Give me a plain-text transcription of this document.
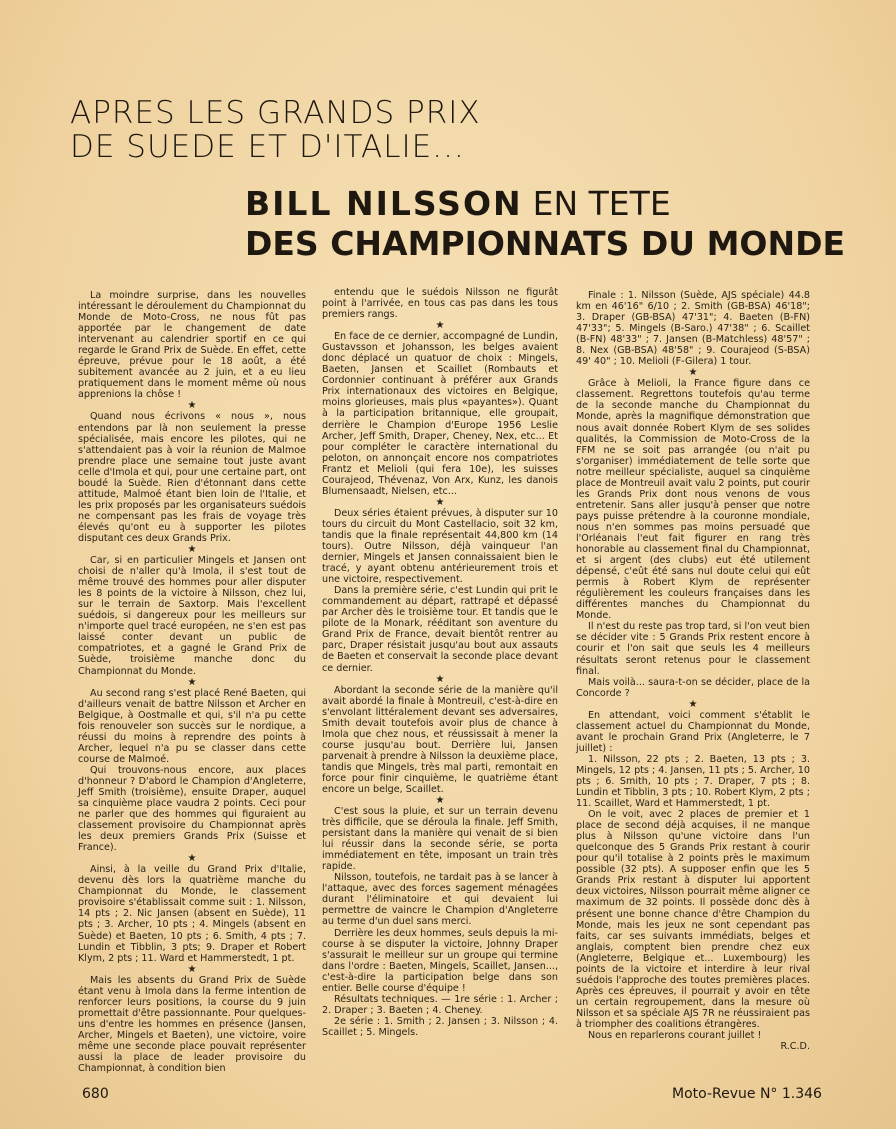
APRES LES GRANDS PRIX
DE SUEDE ET D'ITALIE...
BILL NILSSON EN TETE
DES CHAMPIONNATS DU MONDE

La moindre surprise, dans les nouvelles intéressant le déroulement du Championnat du Monde de Moto-Cross, ne nous fût pas apportée par le changement de date intervenant au calendrier sportif en ce qui regarde le Grand Prix de Suède. En effet, cette épreuve, prévue pour le 18 août, a été subitement avancée au 2 juin, et a eu lieu pratiquement dans le moment même où nous apprenions la chôse !

★

Quand nous écrivons « nous », nous entendons par là non seulement la presse spécialisée, mais encore les pilotes, qui ne s'attendaient pas à voir la réunion de Malmoe prendre place une semaine tout juste avant celle d'Imola et qui, pour une certaine part, ont boudé la Suède. Rien d'étonnant dans cette attitude, Malmoé étant bien loin de l'Italie, et les prix proposés par les organisateurs suédois ne compensant pas les frais de voyage très élevés qu'ont eu à supporter les pilotes disputant ces deux Grands Prix.

★

Car, si en particulier Mingels et Jansen ont choisi de n'aller qu'à Imola, il s'est tout de même trouvé des hommes pour aller disputer les 8 points de la victoire à Nilsson, chez lui, sur le terrain de Saxtorp. Mais l'excellent suédois, si dangereux pour les meilleurs sur n'importe quel tracé européen, ne s'en est pas laissé conter devant un public de compatriotes, et a gagné le Grand Prix de Suède, troisième manche donc du Championnat du Monde.

★

Au second rang s'est placé René Baeten, qui d'ailleurs venait de battre Nilsson et Archer en Belgique, à Oostmalle et qui, s'il n'a pu cette fois renouveler son succès sur le nordique, a réussi du moins à reprendre des points à Archer, lequel n'a pu se classer dans cette course de Malmoé.

Qui trouvons-nous encore, aux places d'honneur ? D'abord le Champion d'Angleterre, Jeff Smith (troisième), ensuite Draper, auquel sa cinquième place vaudra 2 points. Ceci pour ne parler que des hommes qui figuraient au classement provisoire du Championnat après les deux premiers Grands Prix (Suisse et France).

★

Ainsi, à la veille du Grand Prix d'Italie, devenu dès lors la quatrième manche du Championnat du Monde, le classement provisoire s'établissait comme suit : 1. Nilsson, 14 pts ; 2. Nic Jansen (absent en Suède), 11 pts ; 3. Archer, 10 pts ; 4. Mingels (absent en Suède) et Baeten, 10 pts ; 6. Smith, 4 pts ; 7. Lundin et Tibblin, 3 pts; 9. Draper et Robert Klym, 2 pts ; 11. Ward et Hammerstedt, 1 pt.

★

Mais les absents du Grand Prix de Suède étant venu à Imola dans la ferme intention de renforcer leurs positions, la course du 9 juin promettait d'être passionnante. Pour quelques-uns d'entre les hommes en présence (Jansen, Archer, Mingels et Baeten), une victoire, voire même une seconde place pouvait représenter aussi la place de leader provisoire du Championnat, à condition bien

entendu que le suédois Nilsson ne figurât point à l'arrivée, en tous cas pas dans les tous premiers rangs.

★

En face de ce dernier, accompagné de Lundin, Gustavsson et Johansson, les belges avaient donc déplacé un quatuor de choix : Mingels, Baeten, Jansen et Scaillet (Rombauts et Cordonnier continuant à préférer aux Grands Prix internationaux des victoires en Belgique, moins glorieuses, mais plus «payantes»). Quant à la participation britannique, elle groupait, derrière le Champion d'Europe 1956 Leslie Archer, Jeff Smith, Draper, Cheney, Nex, etc... Et pour compléter le caractère international du peloton, on annonçait encore nos compatriotes Frantz et Melioli (qui fera 10e), les suisses Courajeod, Thévenaz, Von Arx, Kunz, les danois Blumensaadt, Nielsen, etc...

★

Deux séries étaient prévues, à disputer sur 10 tours du circuit du Mont Castellacio, soit 32 km, tandis que la finale représentait 44,800 km (14 tours). Outre Nilsson, déjà vainqueur l'an dernier, Mingels et Jansen connaissaient bien le tracé, y ayant obtenu antérieurement trois et une victoire, respectivement.

Dans la première série, c'est Lundin qui prit le commandement au départ, rattrapé et dépassé par Archer dès le troisième tour. Et tandis que le pilote de la Monark, rééditant son aventure du Grand Prix de France, devait bientôt rentrer au parc, Draper résistait jusqu'au bout aux assauts de Baeten et conservait la seconde place devant ce dernier.

★

Abordant la seconde série de la manière qu'il avait abordé la finale à Montreuil, c'est-à-dire en s'envolant littéralement devant ses adversaires, Smith devait toutefois avoir plus de chance à Imola que chez nous, et réussissait à mener la course jusqu'au bout. Derrière lui, Jansen parvenait à prendre à Nilsson la deuxième place, tandis que Mingels, très mal parti, remontait en force pour finir cinquième, le quatrième étant encore un belge, Scaillet.

★

C'est sous la pluie, et sur un terrain devenu très difficile, que se déroula la finale. Jeff Smith, persistant dans la manière qui venait de si bien lui réussir dans la seconde série, se porta immédiatement en tête, imposant un train très rapide.

Nilsson, toutefois, ne tardait pas à se lancer à l'attaque, avec des forces sagement ménagées durant l'éliminatoire et qui devaient lui permettre de vaincre le Champion d'Angleterre au terme d'un duel sans merci.

Derrière les deux hommes, seuls depuis la mi-course à se disputer la victoire, Johnny Draper s'assurait le meilleur sur un groupe qui termine dans l'ordre : Baeten, Mingels, Scaillet, Jansen..., c'est-à-dire la participation belge dans son entier. Belle course d'équipe !

Résultats techniques. — 1re série : 1. Archer ; 2. Draper ; 3. Baeten ; 4. Cheney.

2e série : 1. Smith ; 2. Jansen ; 3. Nilsson ; 4. Scaillet ; 5. Mingels.

Finale : 1. Nilsson (Suède, AJS spéciale) 44.8 km en 46'16" 6/10 ; 2. Smith (GB-BSA) 46'18"; 3. Draper (GB-BSA) 47'31"; 4. Baeten (B-FN) 47'33"; 5. Mingels (B-Saro.) 47'38" ; 6. Scaillet (B-FN) 48'33" ; 7. Jansen (B-Matchless) 48'57" ; 8. Nex (GB-BSA) 48'58" ; 9. Courajeod (S-BSA) 49' 40" ; 10. Melioli (F-Gilera) 1 tour.

★

Grâce à Melioli, la France figure dans ce classement. Regrettons toutefois qu'au terme de la seconde manche du Championnat du Monde, après la magnifique démonstration que nous avait donnée Robert Klym de ses solides qualités, la Commission de Moto-Cross de la FFM ne se soit pas arrangée (ou n'ait pu s'organiser) immédiatement de telle sorte que notre meilleur spécialiste, auquel sa cinquième place de Montreuil avait valu 2 points, put courir les Grands Prix dont nous venons de vous entretenir. Sans aller jusqu'à penser que notre pays puisse prétendre à la couronne mondiale, nous n'en sommes pas moins persuadé que l'Orléanais l'eut fait figurer en rang très honorable au classement final du Championnat, et si argent (des clubs) eut été utilement dépensé, c'eût été sans nul doute celui qui eût permis à Robert Klym de représenter régulièrement les couleurs françaises dans les différentes manches du Championnat du Monde.

Il n'est du reste pas trop tard, si l'on veut bien se décider vite : 5 Grands Prix restent encore à courir et l'on sait que seuls les 4 meilleurs résultats seront retenus pour le classement final.

Mais voilà... saura-t-on se décider, place de la Concorde ?

★

En attendant, voici comment s'établit le classement actuel du Championnat du Monde, avant le prochain Grand Prix (Angleterre, le 7 juillet) :

1. Nilsson, 22 pts ; 2. Baeten, 13 pts ; 3. Mingels, 12 pts ; 4. Jansen, 11 pts ; 5. Archer, 10 pts ; 6. Smith, 10 pts ; 7. Draper, 7 pts ; 8. Lundin et Tibblin, 3 pts ; 10. Robert Klym, 2 pts ; 11. Scaillet, Ward et Hammerstedt, 1 pt.

On le voit, avec 2 places de premier et 1 place de second déjà acquises, il ne manque plus à Nilsson qu'une victoire dans l'un quelconque des 5 Grands Prix restant à courir pour qu'il totalise à 2 points près le maximum possible (32 pts). A supposer enfin que les 5 Grands Prix restant à disputer lui apportent deux victoires, Nilsson pourrait même aligner ce maximum de 32 points. Il possède donc dès à présent une bonne chance d'être Champion du Monde, mais les jeux ne sont cependant pas faits, car ses suivants immédiats, belges et anglais, comptent bien prendre chez eux (Angleterre, Belgique et... Luxembourg) les points de la victoire et interdire à leur rival suédois l'approche des toutes premières places. Après ces épreuves, il pourrait y avoir en tête un certain regroupement, dans la mesure où Nilsson et sa spéciale AJS 7R ne réussiraient pas à triompher des coalitions étrangères.

Nous en reparlerons courant juillet !

R.C.D.

680	Moto-Revue N° 1.346
